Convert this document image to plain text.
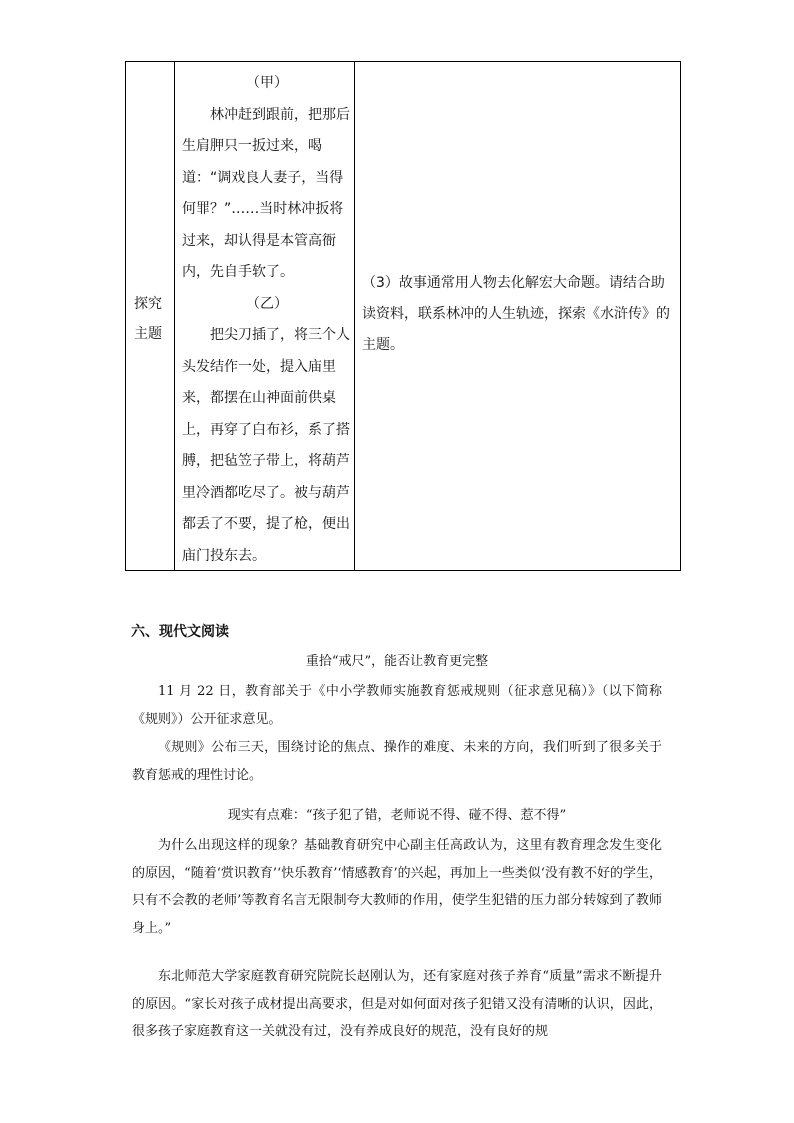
探究
主题
（甲）
林冲赶到跟前，把那后生肩胛只一扳过来，喝道：“调戏良人妻子，当得何罪？”……当时林冲扳将过来，却认得是本管高衙内，先自手软了。
（乙）
把尖刀插了，将三个人头发结作一处，提入庙里来，都摆在山神面前供桌上，再穿了白布衫，系了搭膊，把毡笠子带上，将葫芦里冷酒都吃尽了。被与葫芦都丢了不要，提了枪，便出庙门投东去。
（3）故事通常用人物去化解宏大命题。请结合助读资料，联系林冲的人生轨迹，探索《水浒传》的主题。
六、现代文阅读
重拾“戒尺”，能否让教育更完整
11 月 22 日，教育部关于《中小学教师实施教育惩戒规则（征求意见稿）》（以下简称《规则》）公开征求意见。
《规则》公布三天，围绕讨论的焦点、操作的难度、未来的方向，我们听到了很多关于教育惩戒的理性讨论。
现实有点难：“孩子犯了错，老师说不得、碰不得、惹不得”
为什么出现这样的现象？基础教育研究中心副主任高政认为，这里有教育理念发生变化的原因，“随着‘赏识教育’‘快乐教育’‘情感教育’的兴起，再加上一些类似‘没有教不好的学生，只有不会教的老师’等教育名言无限制夸大教师的作用，使学生犯错的压力部分转嫁到了教师身上。”
东北师范大学家庭教育研究院院长赵刚认为，还有家庭对孩子养育“质量”需求不断提升的原因。“家长对孩子成材提出高要求，但是对如何面对孩子犯错又没有清晰的认识，因此，很多孩子家庭教育这一关就没有过，没有养成良好的规范，没有良好的规
